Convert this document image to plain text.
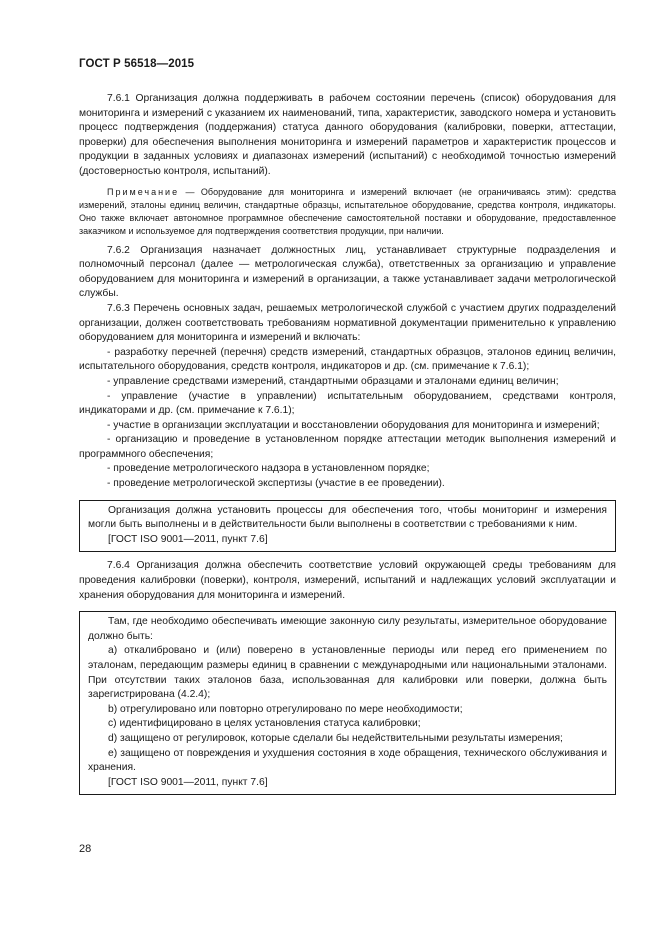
ГОСТ Р 56518—2015

7.6.1 Организация должна поддерживать в рабочем состоянии перечень (список) оборудования для мониторинга и измерений с указанием их наименований, типа, характеристик, заводского номера и установить процесс подтверждения (поддержания) статуса данного оборудования (калибровки, поверки, аттестации, проверки) для обеспечения выполнения мониторинга и измерений параметров и характеристик процессов и продукции в заданных условиях и диапазонах измерений (испытаний) с необходимой точностью измерений (достоверностью контроля, испытаний).

Примечание — Оборудование для мониторинга и измерений включает (не ограничиваясь этим): средства измерений, эталоны единиц величин, стандартные образцы, испытательное оборудование, средства контроля, индикаторы. Оно также включает автономное программное обеспечение самостоятельной поставки и оборудование, предоставленное заказчиком и используемое для подтверждения соответствия продукции, при наличии.

7.6.2 Организация назначает должностных лиц, устанавливает структурные подразделения и полномочный персонал (далее — метрологическая служба), ответственных за организацию и управление оборудованием для мониторинга и измерений в организации, а также устанавливает задачи метрологической службы.

7.6.3 Перечень основных задач, решаемых метрологической службой с участием других подразделений организации, должен соответствовать требованиям нормативной документации применительно к управлению оборудованием для мониторинга и измерений и включать:

- разработку перечней (перечня) средств измерений, стандартных образцов, эталонов единиц величин, испытательного оборудования, средств контроля, индикаторов и др. (см. примечание к 7.6.1);

- управление средствами измерений, стандартными образцами и эталонами единиц величин;

- управление (участие в управлении) испытательным оборудованием, средствами контроля, индикаторами и др. (см. примечание к 7.6.1);

- участие в организации эксплуатации и восстановлении оборудования для мониторинга и измерений;

- организацию и проведение в установленном порядке аттестации методик выполнения измерений и программного обеспечения;

- проведение метрологического надзора в установленном порядке;

- проведение метрологической экспертизы (участие в ее проведении).

Организация должна установить процессы для обеспечения того, чтобы мониторинг и измерения могли быть выполнены и в действительности были выполнены в соответствии с требованиями к ним.

[ГОСТ ISO 9001—2011, пункт 7.6]

7.6.4 Организация должна обеспечить соответствие условий окружающей среды требованиям для проведения калибровки (поверки), контроля, измерений, испытаний и надлежащих условий эксплуатации и хранения оборудования для мониторинга и измерений.

Там, где необходимо обеспечивать имеющие законную силу результаты, измерительное оборудование должно быть:

а) откалибровано и (или) поверено в установленные периоды или перед его применением по эталонам, передающим размеры единиц в сравнении с международными или национальными эталонами. При отсутствии таких эталонов база, использованная для калибровки или поверки, должна быть зарегистрирована (4.2.4);

b) отрегулировано или повторно отрегулировано по мере необходимости;

c) идентифицировано в целях установления статуса калибровки;

d) защищено от регулировок, которые сделали бы недействительными результаты измерения;

e) защищено от повреждения и ухудшения состояния в ходе обращения, технического обслуживания и хранения.

[ГОСТ ISO 9001—2011, пункт 7.6]

28
